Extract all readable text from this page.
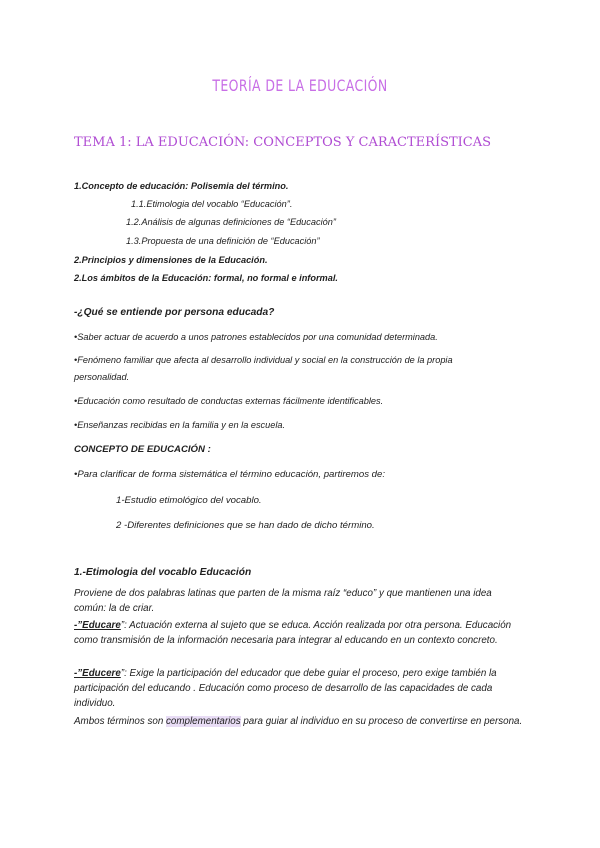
TEORÍA DE LA EDUCACIÓN
TEMA 1: LA EDUCACIÓN: CONCEPTOS Y CARACTERÍSTICAS
1.Concepto de educación: Polisemia del término.
1.1.Etimologia del vocablo “Educación”.
1.2.Análisis de algunas definiciones de “Educación”
1.3.Propuesta de una definición de “Educación”
2.Principios y dimensiones de la Educación.
2.Los ámbitos de la Educación: formal, no formal e informal.
-¿Qué se entiende por persona educada?
•Saber actuar de acuerdo a unos patrones establecidos por una comunidad determinada.
•Fenómeno familiar que afecta al desarrollo individual y social en la construcción de la propia
personalidad.
•Educación como resultado de conductas externas fácilmente identificables.
•Enseñanzas recibidas en la familia y en la escuela.
CONCEPTO DE EDUCACIÓN :
•Para clarificar de forma sistemática el término educación, partiremos de:
1-Estudio etimológico del vocablo.
2 -Diferentes definiciones que se han dado de dicho término.
1.-Etimologia del vocablo Educación
Proviene de dos palabras latinas que parten de la misma raíz “educo” y que mantienen una idea común: la de criar.
-”Educare”: Actuación externa al sujeto que se educa. Acción realizada por otra persona. Educación como transmisión de la información necesaria para integrar al educando en un contexto concreto.
-”Educere”: Exige la participación del educador que debe guiar el proceso, pero exige también la participación del educando . Educación como proceso de desarrollo de las capacidades de cada individuo.
Ambos términos son complementarios para guiar al individuo en su proceso de convertirse en persona.
